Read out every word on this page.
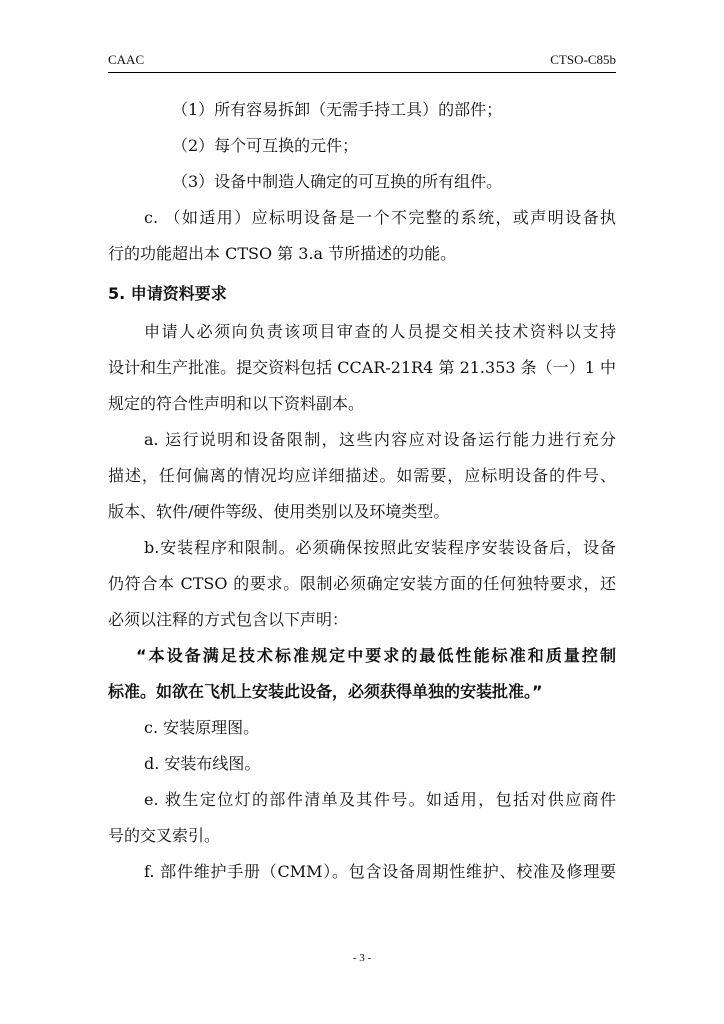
CAAC	CTSO-C85b
（1）所有容易拆卸（无需手持工具）的部件；
（2）每个可互换的元件；
（3）设备中制造人确定的可互换的所有组件。
c. （如适用）应标明设备是一个不完整的系统，或声明设备执
行的功能超出本 CTSO 第 3.a 节所描述的功能。
5. 申请资料要求
申请人必须向负责该项目审查的人员提交相关技术资料以支持
设计和生产批准。提交资料包括 CCAR-21R4 第 21.353 条（一）1 中
规定的符合性声明和以下资料副本。
a. 运行说明和设备限制，这些内容应对设备运行能力进行充分
描述，任何偏离的情况均应详细描述。如需要，应标明设备的件号、
版本、软件/硬件等级、使用类别以及环境类型。
b.安装程序和限制。必须确保按照此安装程序安装设备后，设备
仍符合本 CTSO 的要求。限制必须确定安装方面的任何独特要求，还
必须以注释的方式包含以下声明：
“本设备满足技术标准规定中要求的最低性能标准和质量控制
标准。如欲在飞机上安装此设备，必须获得单独的安装批准。”
c. 安装原理图。
d. 安装布线图。
e. 救生定位灯的部件清单及其件号。如适用，包括对供应商件
号的交叉索引。
f. 部件维护手册（CMM）。包含设备周期性维护、校准及修理要
- 3 -
